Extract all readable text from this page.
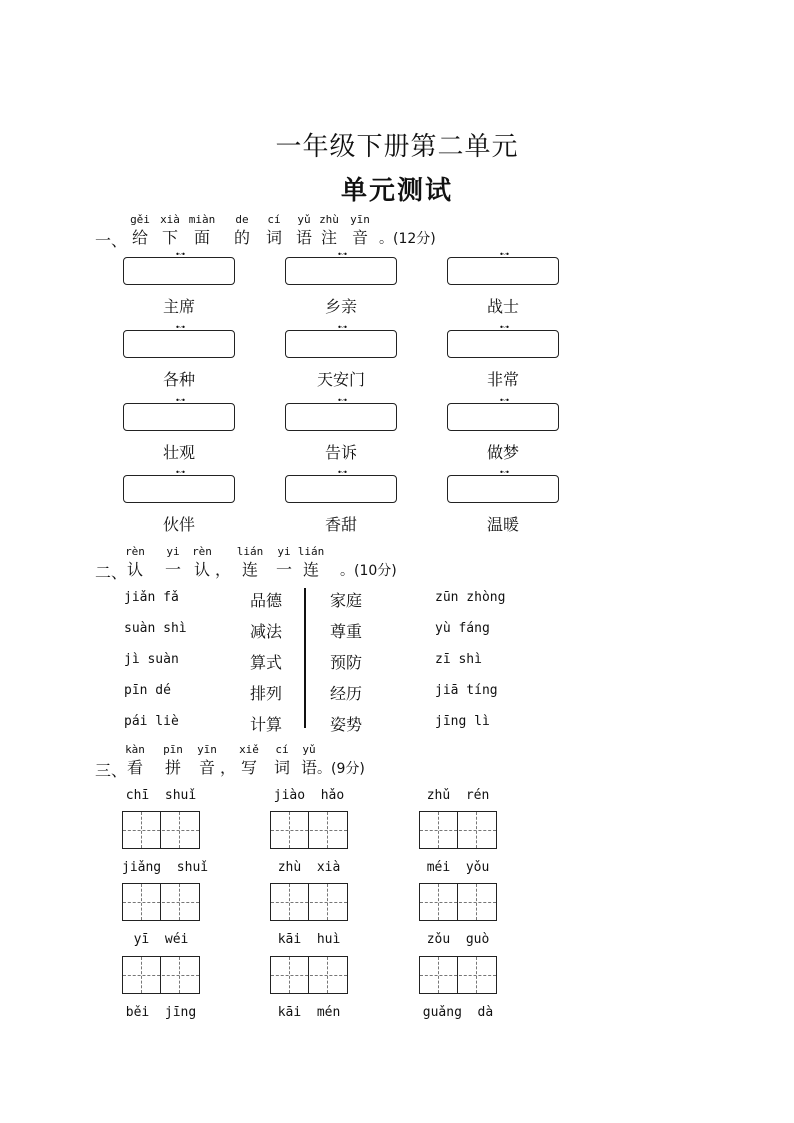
一年级下册第二单元
单元测试
一、	。(12分)
gěi
给
xià
下
miàn
面
de
的
cí
词
yǔ
语
zhù
注
yīn
音
•ᵕ•
主席
•ᵕ•
乡亲
•ᵕ•
战士
•ᵕ•
各种
•ᵕ•
天安门
•ᵕ•
非常
•ᵕ•
壮观
•ᵕ•
告诉
•ᵕ•
做梦
•ᵕ•
伙伴
•ᵕ•
香甜
•ᵕ•
温暖
二、	。(10分)
rèn
认
yi
一
rèn
认 ，
lián
连
yi
一
lián
连
jiǎn fǎ	品德	家庭	zūn zhòng
suàn shì	减法	尊重	yù fáng
jì suàn	算式	预防	zī shì
pīn dé	排列	经历	jiā tíng
pái liè	计算	姿势	jīng lì
三、	。(9分)
kàn
看
pīn
拼
yīn
音 ，
xiě
写
cí
词
yǔ
语
chī  shuǐ	jiào  hǎo	zhǔ  rén
jiǎng  shuǐ	zhù  xià	méi  yǒu
yī  wéi	kāi  huì	zǒu  guò
běi  jīng	kāi  mén	guǎng  dà
